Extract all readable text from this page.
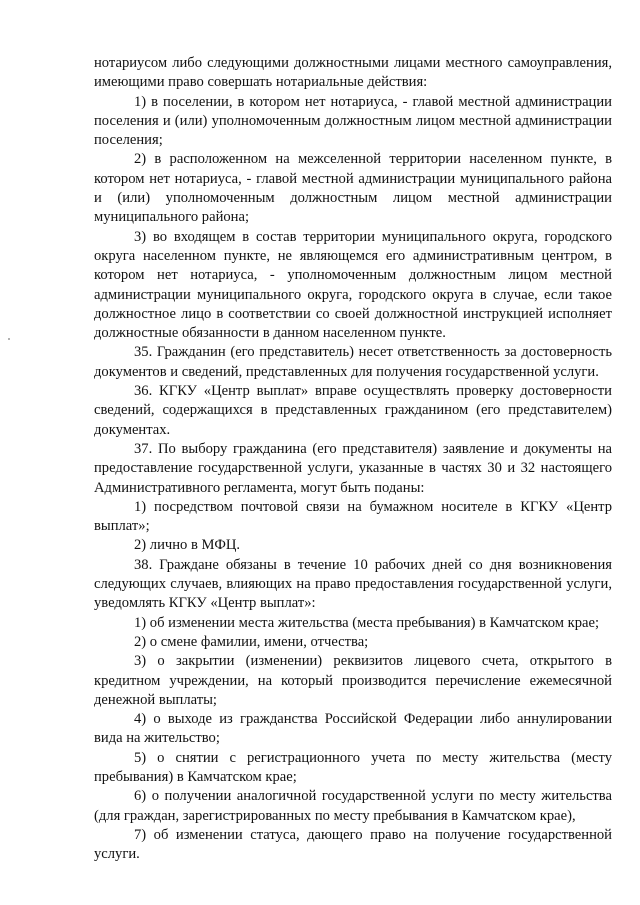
нотариусом либо следующими должностными лицами местного самоуправления, имеющими право совершать нотариальные действия:

1) в поселении, в котором нет нотариуса, - главой местной администрации поселения и (или) уполномоченным должностным лицом местной администрации поселения;

2) в расположенном на межселенной территории населенном пункте, в котором нет нотариуса, - главой местной администрации муниципального района и (или) уполномоченным должностным лицом местной администрации муниципального района;

3) во входящем в состав территории муниципального округа, городского округа населенном пункте, не являющемся его административным центром, в котором нет нотариуса, - уполномоченным должностным лицом местной администрации муниципального округа, городского округа в случае, если такое должностное лицо в соответствии со своей должностной инструкцией исполняет должностные обязанности в данном населенном пункте.

35. Гражданин (его представитель) несет ответственность за достоверность документов и сведений, представленных для получения государственной услуги.

36. КГКУ «Центр выплат» вправе осуществлять проверку достоверности сведений, содержащихся в представленных гражданином (его представителем) документах.

37. По выбору гражданина (его представителя) заявление и документы на предоставление государственной услуги, указанные в частях 30 и 32 настоящего Административного регламента, могут быть поданы:

1) посредством почтовой связи на бумажном носителе в КГКУ «Центр выплат»;

2) лично в МФЦ.

38. Граждане обязаны в течение 10 рабочих дней со дня возникновения следующих случаев, влияющих на право предоставления государственной услуги, уведомлять КГКУ «Центр выплат»:

1) об изменении места жительства (места пребывания) в Камчатском крае;

2) о смене фамилии, имени, отчества;

3) о закрытии (изменении) реквизитов лицевого счета, открытого в кредитном учреждении, на который производится перечисление ежемесячной денежной выплаты;

4) о выходе из гражданства Российской Федерации либо аннулировании вида на жительство;

5) о снятии с регистрационного учета по месту жительства (месту пребывания) в Камчатском крае;

6) о получении аналогичной государственной услуги по месту жительства (для граждан, зарегистрированных по месту пребывания в Камчатском крае),

7) об изменении статуса, дающего право на получение государственной услуги.
